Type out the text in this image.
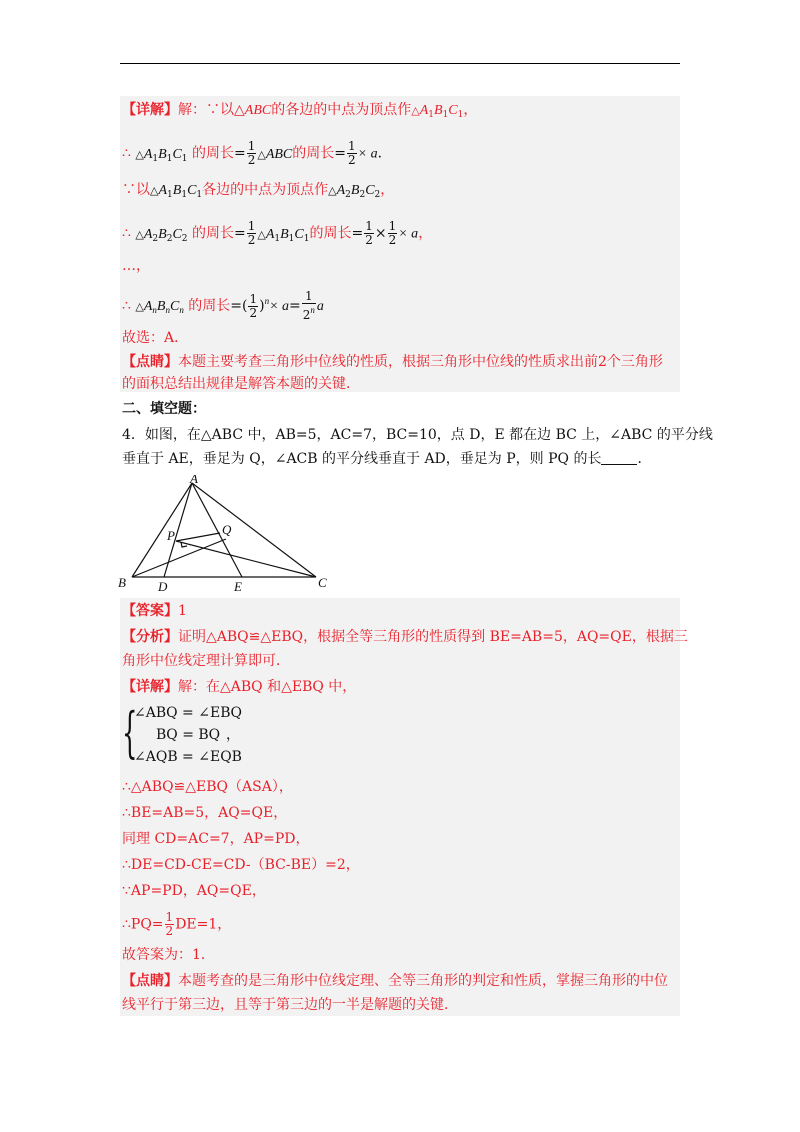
【详解】解：∵以△ABC的各边的中点为顶点作$\triangle A_1B_1C_1$，
∴ $\triangle A_1B_1C_1$ 的周长= $\frac{1}{2}$ △ABC的周长= $\frac{1}{2} \times a$．
∵以$\triangle A_1B_1C_1$各边的中点为顶点作$\triangle A_2B_2C_2$，
∴ $\triangle A_2B_2C_2$ 的周长= $\frac{1}{2}$ $\triangle A_1B_1C_1$的周长= $\frac{1}{2} \times \frac{1}{2} \times a$，
…，
∴ $\triangle A_nB_nC_n$ 的周长=( $\frac{1}{2} )^n\times a= \frac{1}{2^n}$ a
故选：A．
【点睛】本题主要考查三角形中位线的性质，根据三角形中位线的性质求出前2个三角形
的面积总结出规律是解答本题的关键．
二、填空题：
4．如图，在△ABC 中，AB=5，AC=7，BC=10，点 D，E 都在边 BC 上，∠ABC 的平分线
垂直于 AE，垂足为 Q，∠ACB 的平分线垂直于 AD，垂足为 P，则 PQ 的长	．
A
B	C
D	E
P	Q
【答案】1
【分析】证明△ABQ≌△EBQ，根据全等三角形的性质得到 BE=AB=5，AQ=QE，根据三
角形中位线定理计算即可．
【详解】解：在△ABQ 和△EBQ 中，
{
∠ABQ = ∠EBQ
BQ = BQ
∠AQB = ∠EQB
，
∴△ABQ≌△EBQ（ASA），
∴BE=AB=5，AQ=QE，
同理 CD=AC=7，AP=PD，
∴DE=CD-CE=CD-（BC-BE）=2，
∵AP=PD，AQ=QE，
∴PQ= $\frac{1}{2} DE=1$，
故答案为：1．
【点睛】本题考查的是三角形中位线定理、全等三角形的判定和性质，掌握三角形的中位
线平行于第三边，且等于第三边的一半是解题的关键．
